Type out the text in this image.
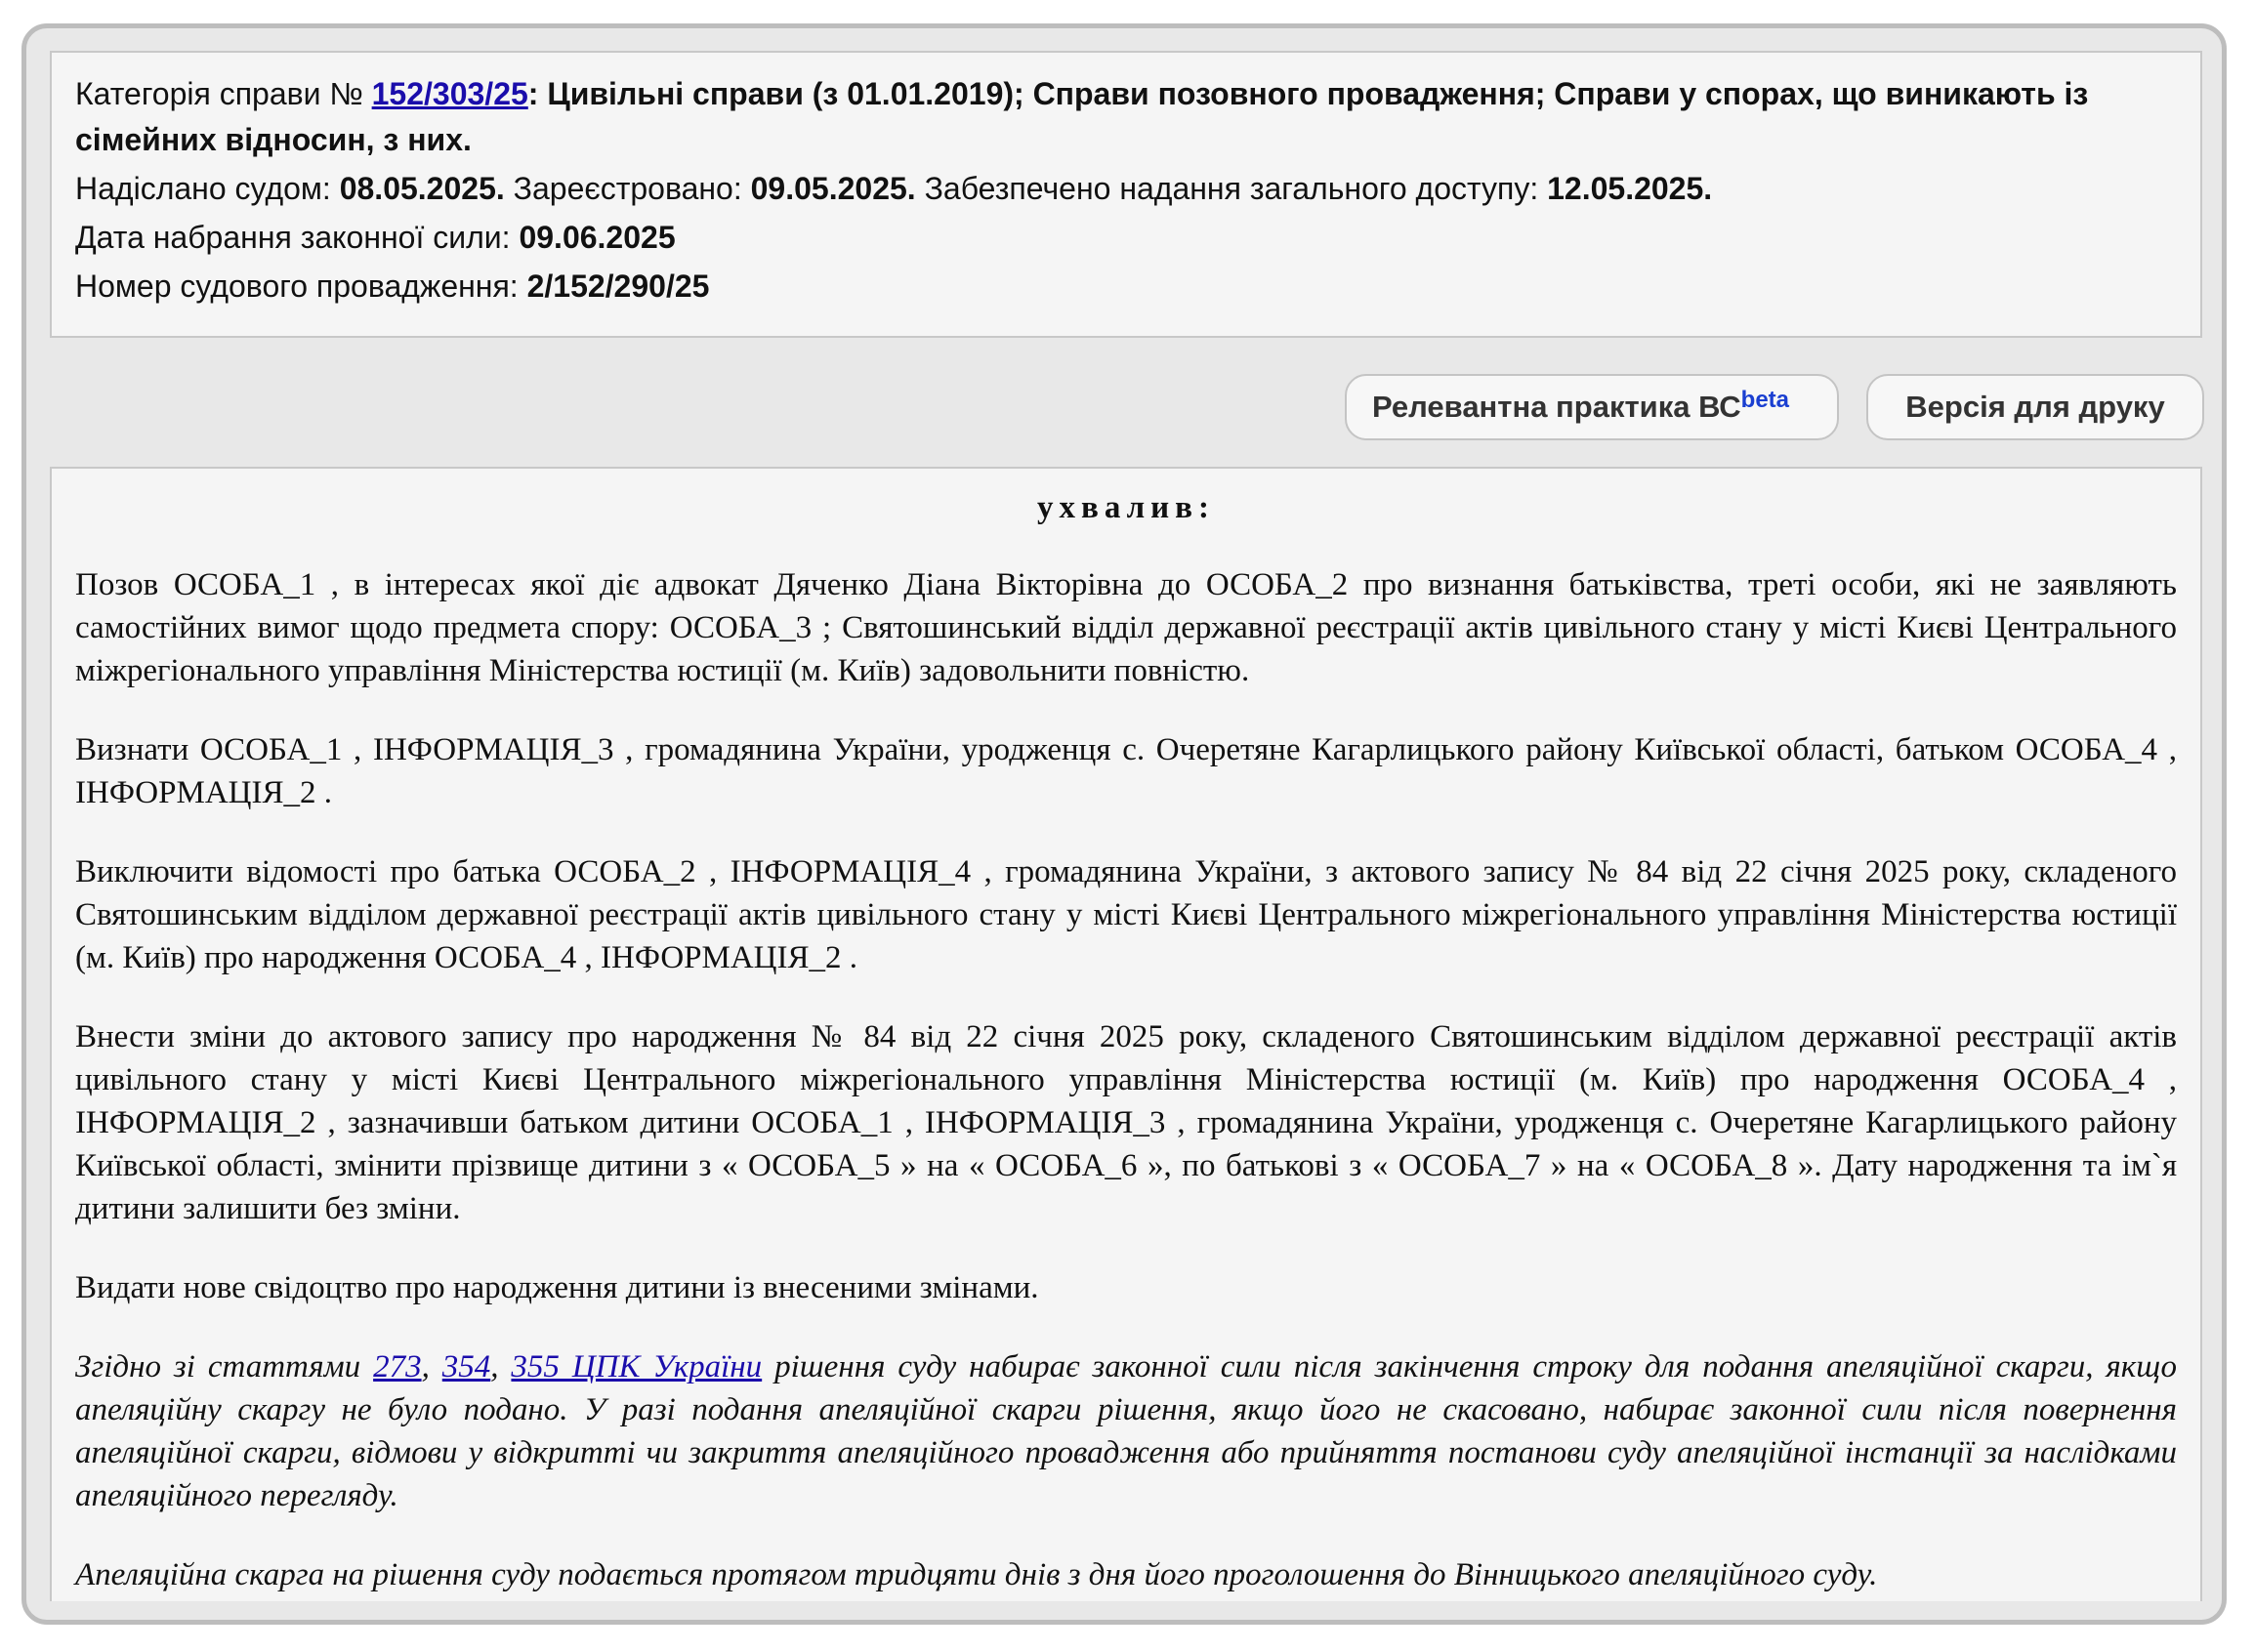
Категорія справи № 152/303/25: Цивільні справи (з 01.01.2019); Справи позовного провадження; Справи у спорах, що виникають із сімейних відносин, з них.
Надіслано судом: 08.05.2025. Зареєстровано: 09.05.2025. Забезпечено надання загального доступу: 12.05.2025.
Дата набрання законної сили: 09.06.2025
Номер судового провадження: 2/152/290/25
Релевантна практика $ВС^{beta}$	Версія для друку
ухвалив:

Позов ОСОБА_1 , в інтересах якої діє адвокат Дяченко Діана Вікторівна до ОСОБА_2 про визнання батьківства, треті особи, які не заявляють самостійних вимог щодо предмета спору: ОСОБА_3 ; Святошинський відділ державної реєстрації актів цивільного стану у місті Києві Центрального міжрегіонального управління Міністерства юстиції (м. Київ) задовольнити повністю.

Визнати ОСОБА_1 , ІНФОРМАЦІЯ_3 , громадянина України, уродженця с. Очеретяне Кагарлицького району Київської області, батьком ОСОБА_4 , ІНФОРМАЦІЯ_2 .

Виключити відомості про батька ОСОБА_2 , ІНФОРМАЦІЯ_4 , громадянина України, з актового запису № 84 від 22 січня 2025 року, складеного Святошинським відділом державної реєстрації актів цивільного стану у місті Києві Центрального міжрегіонального управління Міністерства юстиції (м. Київ) про народження ОСОБА_4 , ІНФОРМАЦІЯ_2 .

Внести зміни до актового запису про народження № 84 від 22 січня 2025 року, складеного Святошинським відділом державної реєстрації актів цивільного стану у місті Києві Центрального міжрегіонального управління Міністерства юстиції (м. Київ) про народження ОСОБА_4 , ІНФОРМАЦІЯ_2 , зазначивши батьком дитини ОСОБА_1 , ІНФОРМАЦІЯ_3 , громадянина України, уродженця с. Очеретяне Кагарлицького району Київської області, змінити прізвище дитини з « ОСОБА_5 » на « ОСОБА_6 », по батькові з « ОСОБА_7 » на « ОСОБА_8 ». Дату народження та ім`я дитини залишити без зміни.

Видати нове свідоцтво про народження дитини із внесеними змінами.

Згідно зі статтями 273, 354, 355 ЦПК України рішення суду набирає законної сили після закінчення строку для подання апеляційної скарги, якщо апеляційну скаргу не було подано. У разі подання апеляційної скарги рішення, якщо його не скасовано, набирає законної сили після повернення апеляційної скарги, відмови у відкритті чи закриття апеляційного провадження або прийняття постанови суду апеляційної інстанції за наслідками апеляційного перегляду.

Апеляційна скарга на рішення суду подається протягом тридцяти днів з дня його проголошення до Вінницького апеляційного суду.
